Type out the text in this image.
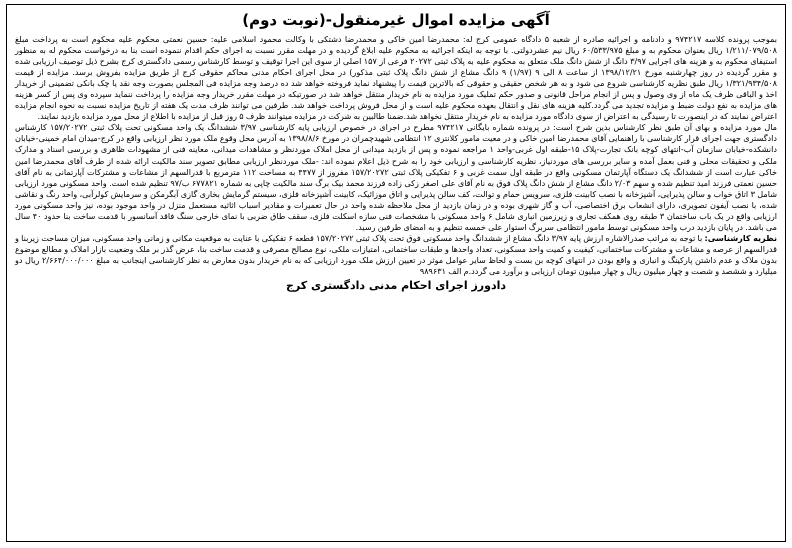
آگهی مزایده اموال غیرمنقول-(نوبت دوم)

بموجب پرونده کلاسه ۹۷۴۲۱۷ و دادنامه و اجرائیه صادره از شعبه ۵ دادگاه عمومی کرج له: محمدرضا امین خاکی و محمدرضا دشتکی با وکالت محمود اسلامی علیه: حسین نعمتی محکوم علیه محکوم است به پرداخت مبلغ ۱/۲۱۱/۰۷۹/۵۰۸ ریال بعنوان محکوم به و مبلغ ۶۰/۵۳۳/۹۷۵ ریال نیم عشردولتی. با توجه به اینکه اجرائیه به محکوم علیه ابلاغ گردیده و در مهلت مقرر نسبت به اجرای حکم اقدام ننموده است بنا به درخواست محکوم له به منظور استیفای محکوم به و هزینه های اجرایی ۳/۹۷ دانگ از شش دانگ ملک متعلق به محکوم علیه به پلاک ثبتی ۲۰۲۷۲ فرعی از ۱۵۷ اصلی از سوی این اجرا توقیف و توسط کارشناس رسمی دادگستری کرج بشرح ذیل توصیف ارزیابی شده و مقرر گردیده در روز چهارشنبه مورخ ۱۳۹۸/۱۲/۲۱ از ساعت ۸ الی ۹ (۱/۹۷) ۹ دانگ مشاع از شش دانگ پلاک ثبتی مذکور) در محل اجرای احکام مدنی محاکم حقوقی کرج از طریق مزایده بفروش برسد. مزایده از قیمت ۱/۳۲۱/۹۳۴/۵۰۸ ریال طبق نظریه کارشناسی شروع می شود و به هر شخص حقیقی و حقوقی که بالاترین قیمت را پیشنهاد نماید فروخته خواهد شد ده درصد وجه مزایده فی المجلس بصورت وجه نقد یا چک بانکی تضمینی از خریدار اخذ و الباقی ظرف یک ماه از وی وصول و پس از انجام مراحل قانونی و صدور حکم تملیک مورد مزایده به نام خریدار منتقل خواهد شد در صورتیکه در مهلت مقرر خریدار وجه مزایده را پرداخت ننماید سپرده وی پس از کسر هزینه های مزایده به نفع دولت ضبط و مزایده تجدید می گردد.کلیه هزینه های نقل و انتقال بعهده محکوم علیه است و از محل فروش پرداخت خواهد شد. طرفین می توانند ظرف مدت یک هفته از تاریخ مزایده نسبت به نحوه انجام مزایده اعتراض نمایند که در اینصورت تا رسیدگی به اعتراض از سوی دادگاه مورد مزایده به نام خریدار منتقل نخواهد شد.ضمنا طالبین به شرکت در مزایده میتوانند ظرف ۵ روز قبل از مزایده با اطلاع از محل مورد مزایده بازدید نمایند.

مال مورد مزایده و بهای آن طبق نظر کارشناس بدین شرح است: در پرونده شماره بایگانی ۹۷۴۲۱۷ مطرح در اجرای در خصوص ارزیابی پایه کارشناسی ۳/۹۷ ششدانگ یک واحد مسکونی تحت پلاک ثبتی ۱۵۷/۲۰۲۷۲ کارشناس دادگستری جهت اجرای قرار کارشناسی با راهنمایی آقای محمدرضا امین خاکی و در معیت مامور کلانتری ۱۲ انتظامی شهیدچمران در مورخ ۱۳۹۸/۸/۶ به آدرس محل وقوع ملک مورد نظر ارزیابی واقع در کرج-میدان امام خمینی-خیابان دانشکده-خیابان سازمان آب-انتهای کوچه بانک تجارت-پلاک ۱۵-طبقه اول غربی-واحد ۱ مراجعه نموده و پس از بازدید میدانی از محل املاک موردنظر و مشاهدات میدانی، معاینه فنی از مشهودات ظاهری و بررسی اسناد و مدارک ملکی و تحقیقات محلی و فنی بعمل آمده و سایر بررسی های موردنیاز، نظریه کارشناسی و ارزیابی خود را به شرح ذیل اعلام نموده اند: -ملک موردنظر ارزیابی مطابق تصویر سند مالکیت ارائه شده از طرف آقای محمدرضا امین خاکی عبارت است از ششدانگ یک دستگاه آپارتمان مسکونی واقع در طبقه اول سمت غربی و ۶ تفکیکی پلاک ثبتی ۱۵۷/۲۰۲۷۲ مفروز از ۴۴۷۷ به مساحت ۱۱۲ مترمربع با قدرالسهم از مشاعات و مشترکات آپارتمانی به نام آقای حسین نعمتی فرزند امید تنظیم شده و سهم ۲/۰۳ دانگ مشاع از شش دانگ پلاک فوق به نام آقای علی اصغر زکی زاده فرزند محمد بیک برگ سند مالکیت چاپی به شماره ۶۷۷۸۲۱ ب/۹۷ تنظیم شده است. واحد مسکونی مورد ارزیابی شامل ۳ اتاق خواب و سالن پذیرایی، آشپزخانه با نصب کابینت فلزی، سرویس حمام و توالت، کف سالن پذیرایی و اتاق موزائیک، کابینت آشپزخانه فلزی، سیستم گرمایش بخاری گازی آبگرمکن و سرمایش کولرآبی، واحد رنگ و نقاشی شده، با نصب آیفون تصویری، دارای انشعاب برق اختصاصی، آب و گاز شهری بوده و در زمان بازدید از محل ملاحظه شده واحد در حال تعمیرات و مقادیر اسباب اثاثیه مستعمل منزل در واحد موجود بوده، نیز واحد مسکونی مورد ارزیابی واقع در یک باب ساختمان ۳ طبقه روی همکف تجاری و زیرزمین انباری شامل ۶ واحد مسکونی با مشخصات فنی سازه اسکلت فلزی، سقف طاق ضربی با نمای خارجی سنگ فاقد آسانسور با قدمت ساخت بنا حدود ۴۰ سال می باشد. در پایان بازدید درب واحد مسکونی توسط مامور انتظامی سربرگ استوار علی خمسه تنظیم و به امضای طرفین رسید.

نظریه کارشناسی: با توجه به مراتب صدرالاشاره ارزش پایه ۳/۹۷ دانگ مشاع از ششدانگ واحد مسکونی فوق تحت پلاک ثبتی ۱۵۷/۲۰۲۷۲ قطعه ۶ تفکیکی با عنایت به موقعیت مکانی و زمانی واحد مسکونی، میزان مساحت زیربنا و قدرالسهم از عرصه و مشاعات و مشترکات ساختمانی، کیفیت و کمیت واحد مسکونی، تعداد واحدها و طبقات ساختمانی، امتیازات ملکی، نوع مصالح مصرفی و قدمت ساخت بنا، عرض گذر بر ملک وضعیت بازار املاک و مطالع موضوع بدون ملاک و عدم داشتن پارکینگ و انباری و واقع بودن در انتهای کوچه بن بست و لحاظ سایر عوامل موثر در تعیین ارزش ملک مورد ارزیابی که به نام خریدار بدون معارض به نظر کارشناسی اینجانب به مبلغ ۲/۶۶۴/۰۰۰/۰۰۰ ریال دو میلیارد و ششصد و شصت و چهار میلیون ریال و چهار میلیون تومان ارزیابی و برآورد می گردد.م الف ۹۸۹۶۳۱

دادورز اجرای احکام مدنی دادگستری کرج
